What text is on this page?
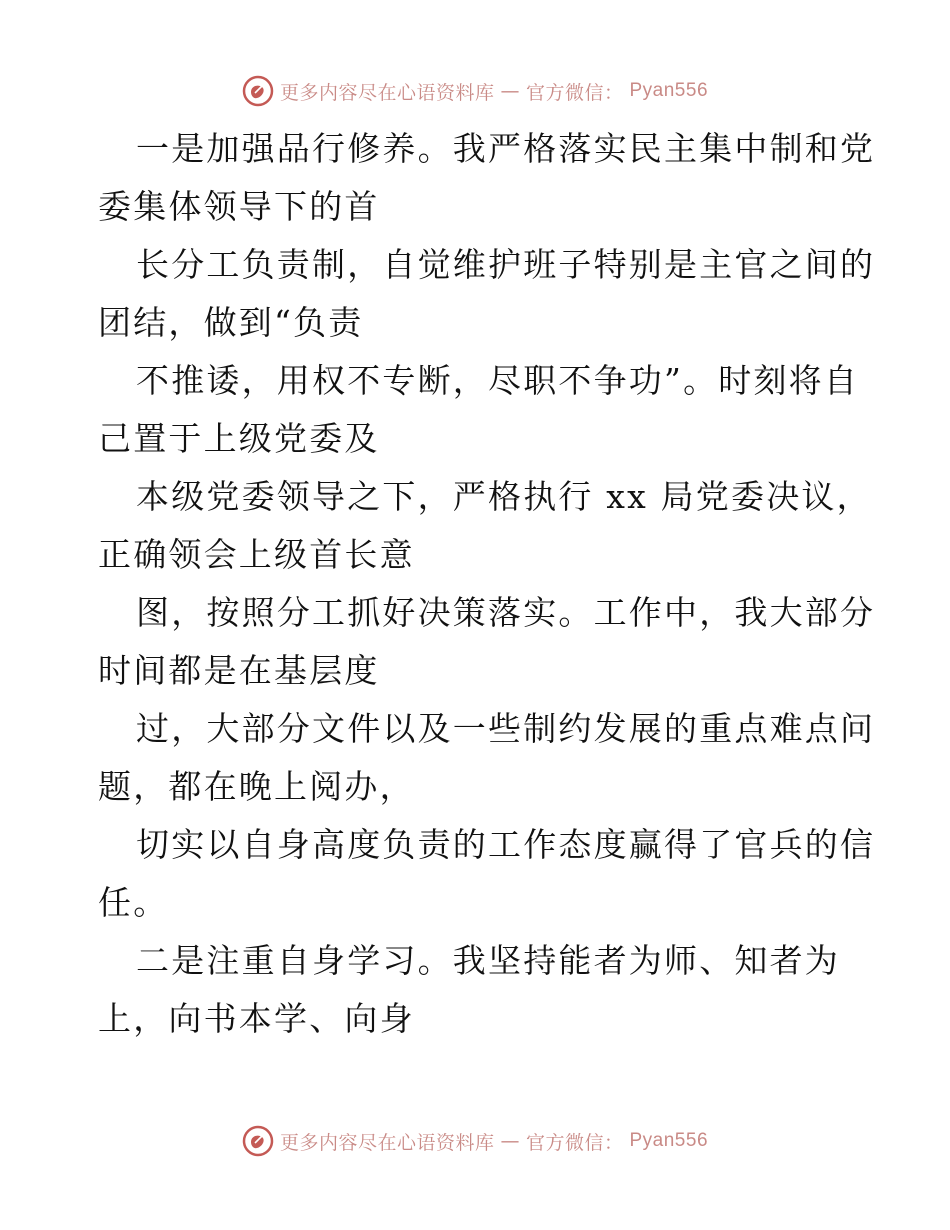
更多内容尽在心语资料库 — 官方微信： Pyan556

一是加强品行修养。我严格落实民主集中制和党
委集体领导下的首

长分工负责制，自觉维护班子特别是主官之间的
团结，做到“负责

不推诿，用权不专断，尽职不争功”。时刻将自
己置于上级党委及

本级党委领导之下，严格执行 xx 局党委决议，
正确领会上级首长意

图，按照分工抓好决策落实。工作中，我大部分
时间都是在基层度

过，大部分文件以及一些制约发展的重点难点问
题，都在晚上阅办，

切实以自身高度负责的工作态度赢得了官兵的信
任。

二是注重自身学习。我坚持能者为师、知者为
上，向书本学、向身

更多内容尽在心语资料库 — 官方微信： Pyan556
